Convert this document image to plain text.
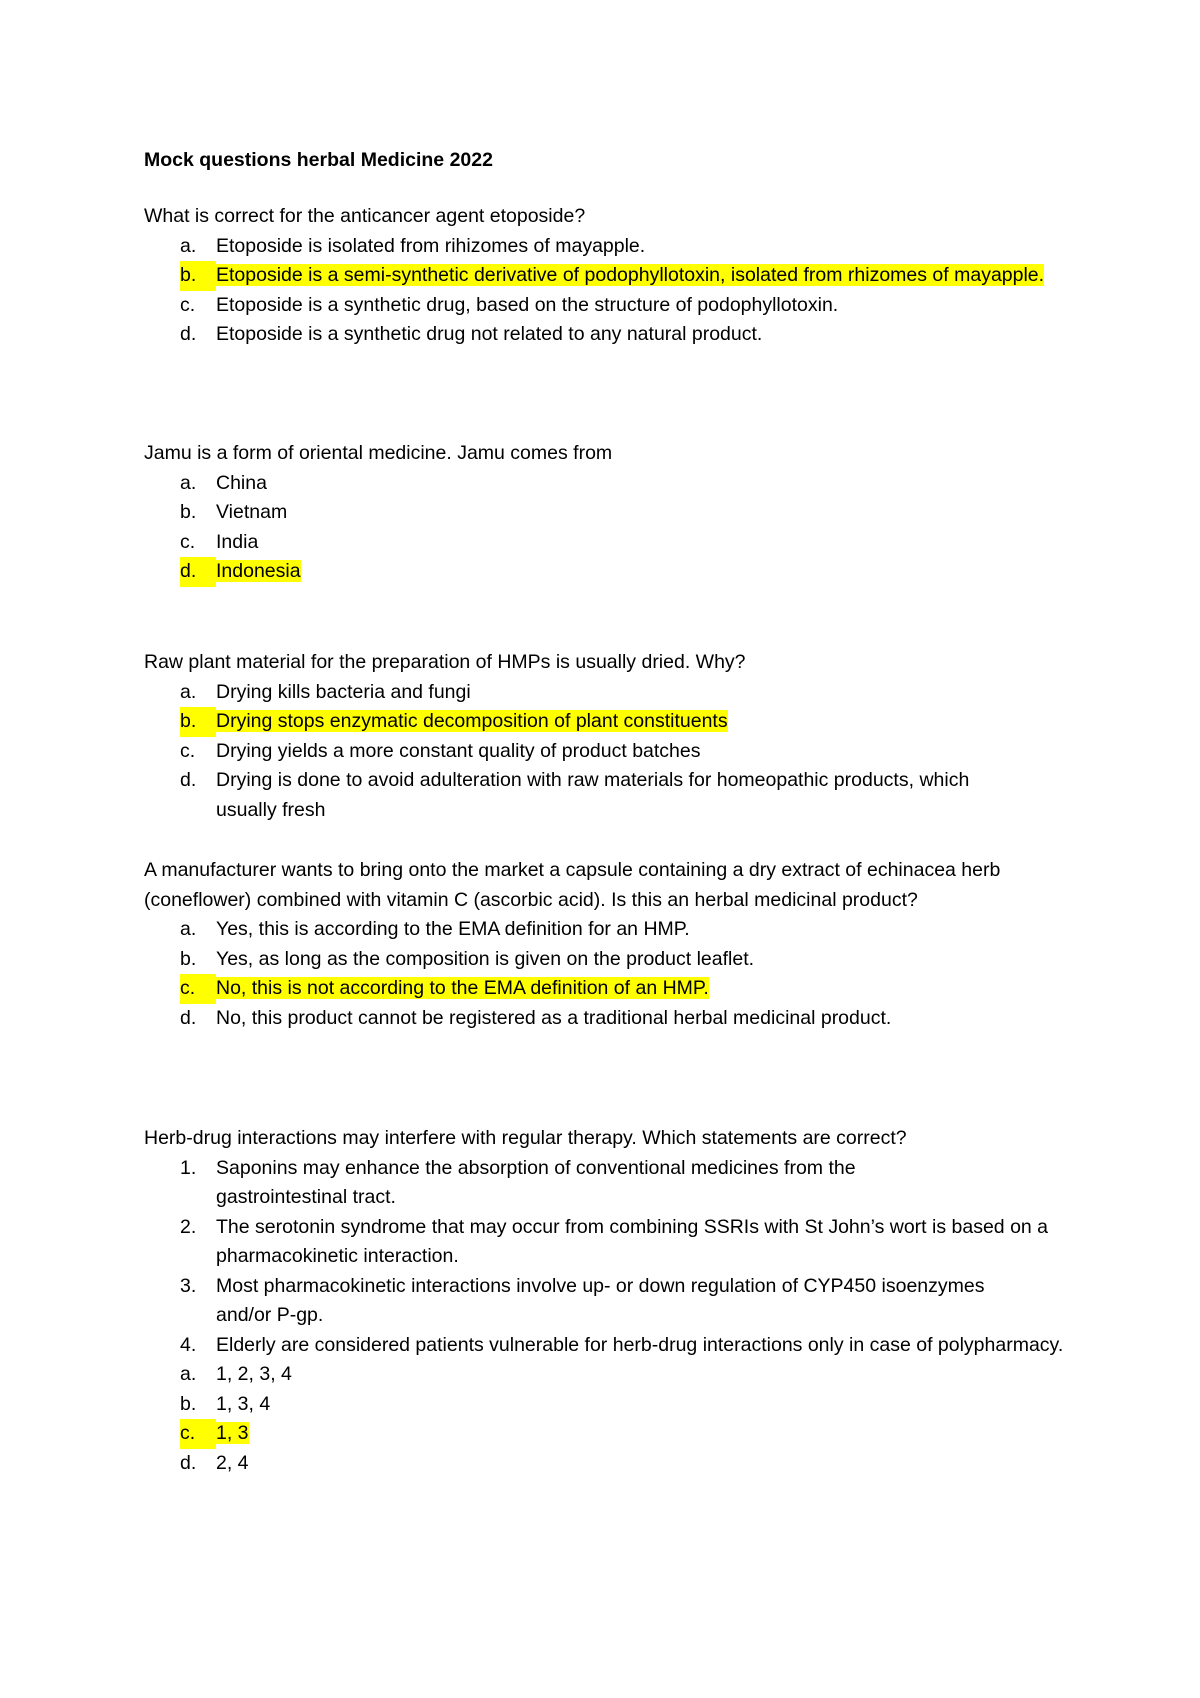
Mock questions herbal Medicine 2022

What is correct for the anticancer agent etoposide?

a.	Etoposide is isolated from rihizomes of mayapple.

b.	Etoposide is a semi-synthetic derivative of podophyllotoxin, isolated from rhizomes of mayapple.

c.	Etoposide is a synthetic drug, based on the structure of podophyllotoxin.

d.	Etoposide is a synthetic drug not related to any natural product.

Jamu is a form of oriental medicine. Jamu comes from

a.	China

b.	Vietnam

c.	India

d.	Indonesia

Raw plant material for the preparation of HMPs is usually dried. Why?

a.	Drying kills bacteria and fungi

b.	Drying stops enzymatic decomposition of plant constituents

c.	Drying yields a more constant quality of product batches

d.	Drying is done to avoid adulteration with raw materials for homeopathic products, which usually fresh

A manufacturer wants to bring onto the market a capsule containing a dry extract of echinacea herb (coneflower) combined with vitamin C (ascorbic acid). Is this an herbal medicinal product?

a.	Yes, this is according to the EMA definition for an HMP.

b.	Yes, as long as the composition is given on the product leaflet.

c.	No, this is not according to the EMA definition of an HMP.

d.	No, this product cannot be registered as a traditional herbal medicinal product.

Herb-drug interactions may interfere with regular therapy. Which statements are correct?

1.	Saponins may enhance the absorption of conventional medicines from the gastrointestinal tract.

2.	The serotonin syndrome that may occur from combining SSRIs with St John’s wort is based on a pharmacokinetic interaction.

3.	Most pharmacokinetic interactions involve up- or down regulation of CYP450 isoenzymes and/or P-gp.

4.	Elderly are considered patients vulnerable for herb-drug interactions only in case of polypharmacy.

a.	1, 2, 3, 4

b.	1, 3, 4

c.	1, 3

d.	2, 4
